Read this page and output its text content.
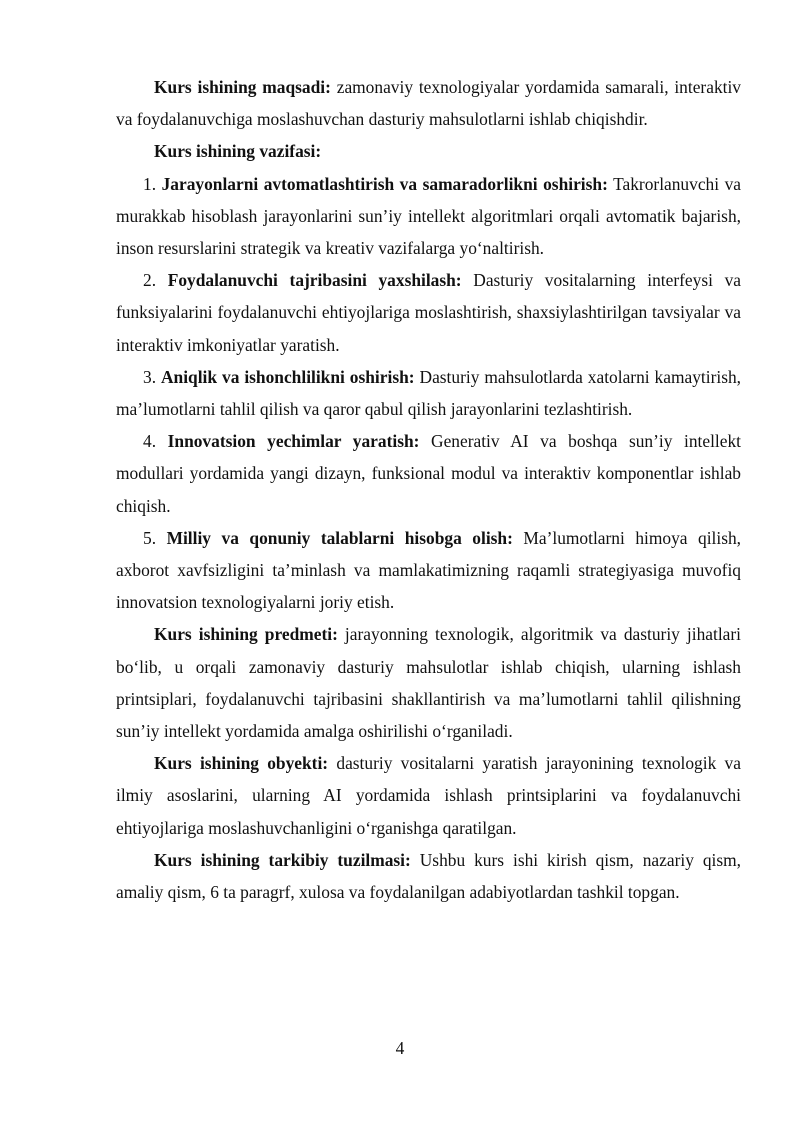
Kurs ishining maqsadi: zamonaviy texnologiyalar yordamida samarali, interaktiv va foydalanuvchiga moslashuvchan dasturiy mahsulotlarni ishlab chiqishdir.

Kurs ishining vazifasi:

1. Jarayonlarni avtomatlashtirish va samaradorlikni oshirish: Takrorlanuvchi va murakkab hisoblash jarayonlarini sun’iy intellekt algoritmlari orqali avtomatik bajarish, inson resurslarini strategik va kreativ vazifalarga yoʻnaltirish.

2. Foydalanuvchi tajribasini yaxshilash: Dasturiy vositalarning interfeysi va funksiyalarini foydalanuvchi ehtiyojlariga moslashtirish, shaxsiylashtirilgan tavsiyalar va interaktiv imkoniyatlar yaratish.

3. Aniqlik va ishonchlilikni oshirish: Dasturiy mahsulotlarda xatolarni kamaytirish, ma’lumotlarni tahlil qilish va qaror qabul qilish jarayonlarini tezlashtirish.

4. Innovatsion yechimlar yaratish: Generativ AI va boshqa sun’iy intellekt modullari yordamida yangi dizayn, funksional modul va interaktiv komponentlar ishlab chiqish.

5. Milliy va qonuniy talablarni hisobga olish: Ma’lumotlarni himoya qilish, axborot xavfsizligini ta’minlash va mamlakatimizning raqamli strategiyasiga muvofiq innovatsion texnologiyalarni joriy etish.

Kurs ishining predmeti: jarayonning texnologik, algoritmik va dasturiy jihatlari boʻlib, u orqali zamonaviy dasturiy mahsulotlar ishlab chiqish, ularning ishlash printsiplari, foydalanuvchi tajribasini shakllantirish va ma’lumotlarni tahlil qilishning sun’iy intellekt yordamida amalga oshirilishi oʻrganiladi.

Kurs ishining obyekti: dasturiy vositalarni yaratish jarayonining texnologik va ilmiy asoslarini, ularning AI yordamida ishlash printsiplarini va foydalanuvchi ehtiyojlariga moslashuvchanligini oʻrganishga qaratilgan.

Kurs ishining tarkibiy tuzilmasi: Ushbu kurs ishi kirish qism, nazariy qism, amaliy qism, 6 ta paragrf, xulosa va foydalanilgan adabiyotlardan tashkil topgan.

4
